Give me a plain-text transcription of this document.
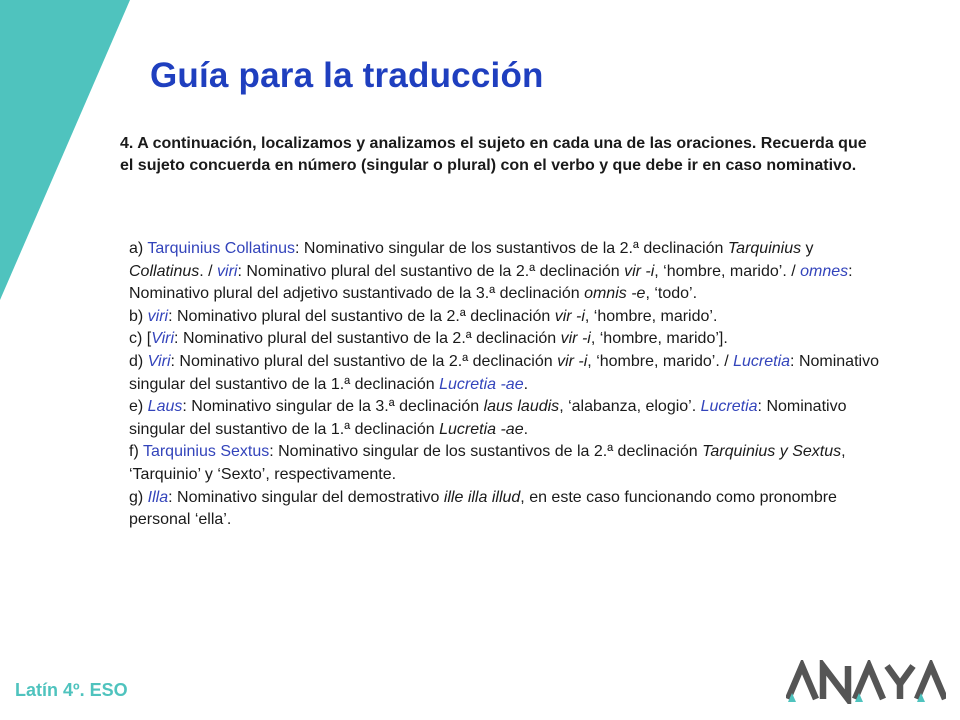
Guía para la traducción
4. A continuación, localizamos y analizamos el sujeto en cada una de las oraciones. Recuerda que el sujeto concuerda en número (singular o plural) con el verbo y que debe ir en caso nominativo.

a) Tarquinius Collatinus: Nominativo singular de los sustantivos de la 2.ª declinación Tarquinius y Collatinus. / viri: Nominativo plural del sustantivo de la 2.ª declinación vir -i, ‘hombre, marido’. / omnes: Nominativo plural del adjetivo sustantivado de la 3.ª declinación omnis -e, ‘todo’.

b) viri: Nominativo plural del sustantivo de la 2.ª declinación vir -i, ‘hombre, marido’.

c) [Viri: Nominativo plural del sustantivo de la 2.ª declinación vir -i, ‘hombre, marido’].

d) Viri: Nominativo plural del sustantivo de la 2.ª declinación vir -i, ‘hombre, marido’. / Lucretia: Nominativo singular del sustantivo de la 1.ª declinación Lucretia -ae.

e) Laus: Nominativo singular de la 3.ª declinación laus laudis, ‘alabanza, elogio’. Lucretia: Nominativo singular del sustantivo de la 1.ª declinación Lucretia -ae.

f) Tarquinius Sextus: Nominativo singular de los sustantivos de la 2.ª declinación Tarquinius y Sextus, ‘Tarquinio’ y ‘Sexto’, respectivamente.

g) Illa: Nominativo singular del demostrativo ille illa illud, en este caso funcionando como pronombre personal ‘ella’.

Latín 4º. ESO
